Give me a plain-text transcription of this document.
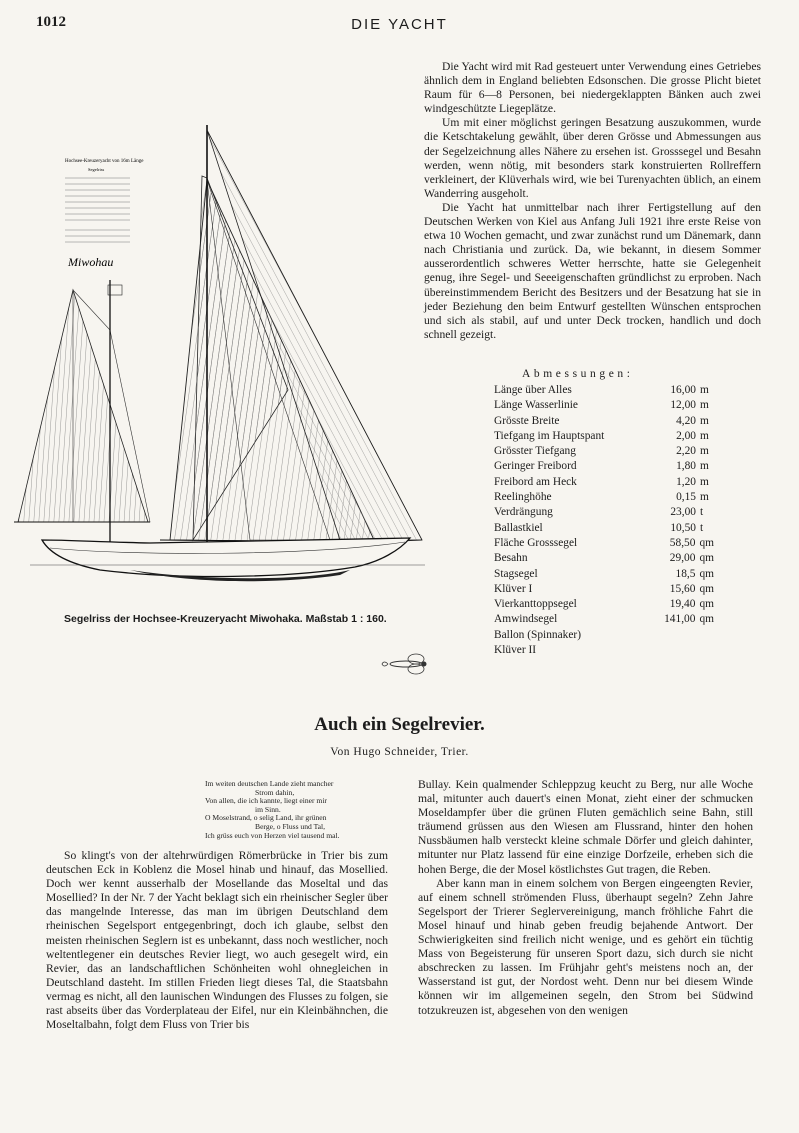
1012	DIE YACHT
Hochsee-Kreuzeryacht von 16m Länge
Segelriss
Miwohau
Segelriss der Hochsee-Kreuzeryacht Miwohaka. Maßstab 1 : 160.

Die Yacht wird mit Rad gesteuert unter Verwendung eines Getriebes ähnlich dem in England beliebten Edsonschen. Die grosse Plicht bietet Raum für 6—8 Personen, bei niedergeklappten Bänken auch zwei windgeschützte Liegeplätze.

Um mit einer möglichst geringen Besatzung auszukommen, wurde die Ketschtakelung gewählt, über deren Grösse und Abmessungen aus der Segelzeichnung alles Nähere zu ersehen ist. Grosssegel und Besahn werden, wenn nötig, mit besonders stark konstruierten Rollreffern verkleinert, der Klüverhals wird, wie bei Turenyachten üblich, an einem Wanderring ausgeholt.

Die Yacht hat unmittelbar nach ihrer Fertigstellung auf den Deutschen Werken von Kiel aus Anfang Juli 1921 ihre erste Reise von etwa 10 Wochen gemacht, und zwar zunächst rund um Dänemark, dann nach Christiania und zurück. Da, wie bekannt, in diesem Sommer ausserordentlich schweres Wetter herrschte, hatte sie Gelegenheit genug, ihre Segel- und Seeeigenschaften gründlichst zu erproben. Nach übereinstimmendem Bericht des Besitzers und der Besatzung hat sie in jeder Beziehung den beim Entwurf gestellten Wünschen entsprochen und sich als stabil, auf und unter Deck trocken, handlich und doch schnell gezeigt.

Abmessungen:
Länge über Alles	16,00 m
Länge Wasserlinie	12,00 m
Grösste Breite	4,20 m
Tiefgang im Hauptspant	2,00 m
Grösster Tiefgang	2,20 m
Geringer Freibord	1,80 m
Freibord am Heck	1,20 m
Reelinghöhe	0,15 m
Verdrängung	23,00 t
Ballastkiel	10,50 t
Fläche Grosssegel	58,50 qm
Besahn	29,00 qm
Stagsegel	18,5 qm
Klüver I	15,60 qm
Vierkanttoppsegel	19,40 qm
Amwindsegel	141,00 qm
Ballon (Spinnaker)
Klüver II
Auch ein Segelrevier.
Von Hugo Schneider, Trier.
Im weiten deutschen Lande zieht mancher
Strom dahin,
Von allen, die ich kannte, liegt einer mir
im Sinn.
O Moselstrand, o selig Land, ihr grünen
Berge, o Fluss und Tal,
Ich grüss euch von Herzen viel tausend mal.

So klingt's von der altehrwürdigen Römerbrücke in Trier bis zum deutschen Eck in Koblenz die Mosel hinab und hinauf, das Mosellied. Doch wer kennt ausserhalb der Mosellande das Moseltal und das Mosellied? In der Nr. 7 der Yacht beklagt sich ein rheinischer Segler über das mangelnde Interesse, das man im übrigen Deutschland dem rheinischen Segelsport entgegenbringt, doch ich glaube, selbst den meisten rheinischen Seglern ist es unbekannt, dass noch westlicher, noch weltentlegener ein deutsches Revier liegt, wo auch gesegelt wird, ein Revier, das an landschaftlichen Schönheiten wohl ohnegleichen in Deutschland dasteht. Im stillen Frieden liegt dieses Tal, die Staatsbahn vermag es nicht, all den launischen Windungen des Flusses zu folgen, sie rast abseits über das Vorderplateau der Eifel, nur ein Kleinbähnchen, die Moseltalbahn, folgt dem Fluss von Trier bis

Bullay. Kein qualmender Schleppzug keucht zu Berg, nur alle Woche mal, mitunter auch dauert's einen Monat, zieht einer der schmucken Moseldampfer über die grünen Fluten gemächlich seine Bahn, still träumend grüssen aus den Wiesen am Flussrand, hinter den hohen Nussbäumen halb versteckt kleine schmale Dörfer und gleich dahinter, mitunter nur Platz lassend für eine einzige Dorfzeile, erheben sich die hohen Berge, die der Mosel köstlichstes Gut tragen, die Reben.

Aber kann man in einem solchem von Bergen eingeengten Revier, auf einem schnell strömenden Fluss, überhaupt segeln? Zehn Jahre Segelsport der Trierer Seglervereinigung, manch fröhliche Fahrt die Mosel hinauf und hinab geben freudig bejahende Antwort. Der Schwierigkeiten sind freilich nicht wenige, und es gehört ein tüchtig Mass von Begeisterung für unseren Sport dazu, sich durch sie nicht abschrecken zu lassen. Im Frühjahr geht's meistens noch an, der Wasserstand ist gut, der Nordost weht. Denn nur bei diesem Winde können wir im allgemeinen segeln, den Strom bei Südwind totzukreuzen ist, abgesehen von den wenigen
